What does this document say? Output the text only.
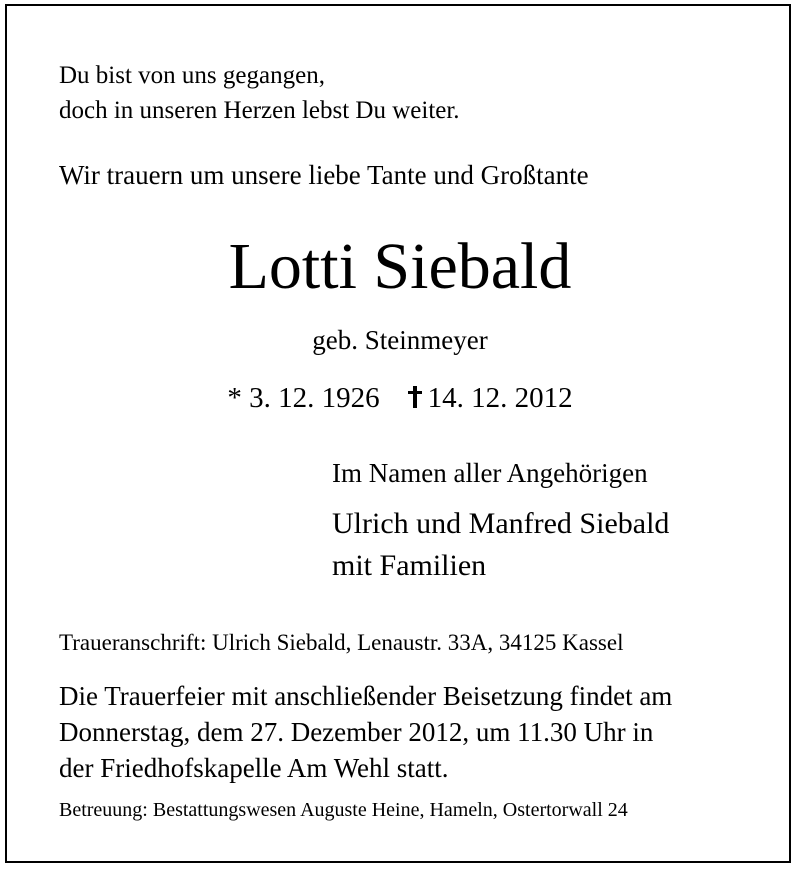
Du bist von uns gegangen,

doch in unseren Herzen lebst Du weiter.

Wir trauern um unsere liebe Tante und Großtante

Lotti Siebald

geb. Steinmeyer

* 3. 12. 1926 14. 12. 2012

Im Namen aller Angehörigen

Ulrich und Manfred Siebald

mit Familien

Traueranschrift: Ulrich Siebald, Lenaustr. 33A, 34125 Kassel

Die Trauerfeier mit anschließender Beisetzung findet am

Donnerstag, dem 27. Dezember 2012, um 11.30 Uhr in

der Friedhofskapelle Am Wehl statt.

Betreuung: Bestattungswesen Auguste Heine, Hameln, Ostertorwall 24
